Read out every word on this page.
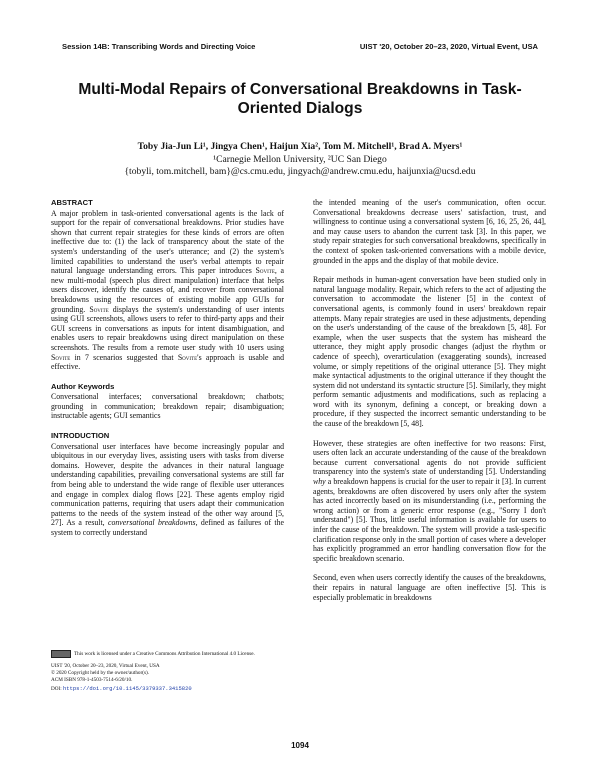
Session 14B: Transcribing Words and Directing Voice	UIST '20, October 20–23, 2020, Virtual Event, USA
Multi-Modal Repairs of Conversational Breakdowns in Task-Oriented Dialogs
Toby Jia-Jun Li¹, Jingya Chen¹, Haijun Xia², Tom M. Mitchell¹, Brad A. Myers¹
¹Carnegie Mellon University, ²UC San Diego
{tobyli, tom.mitchell, bam}@cs.cmu.edu, jingyach@andrew.cmu.edu, haijunxia@ucsd.edu
ABSTRACT

A major problem in task-oriented conversational agents is the lack of support for the repair of conversational breakdowns. Prior studies have shown that current repair strategies for these kinds of errors are often ineffective due to: (1) the lack of transparency about the state of the system's understanding of the user's utterance; and (2) the system's limited capabilities to understand the user's verbal attempts to repair natural language understanding errors. This paper introduces Sovite, a new multi-modal (speech plus direct manipulation) interface that helps users discover, identify the causes of, and recover from conversational breakdowns using the resources of existing mobile app GUIs for grounding. Sovite displays the system's understanding of user intents using GUI screenshots, allows users to refer to third-party apps and their GUI screens in conversations as inputs for intent disambiguation, and enables users to repair breakdowns using direct manipulation on these screenshots. The results from a remote user study with 10 users using Sovite in 7 scenarios suggested that Sovite's approach is usable and effective.

Author Keywords

Conversational interfaces; conversational breakdown; chatbots; grounding in communication; breakdown repair; disambiguation; instructable agents; GUI semantics

INTRODUCTION

Conversational user interfaces have become increasingly popular and ubiquitous in our everyday lives, assisting users with tasks from diverse domains. However, despite the advances in their natural language understanding capabilities, prevailing conversational systems are still far from being able to understand the wide range of flexible user utterances and engage in complex dialog flows [22]. These agents employ rigid communication patterns, requiring that users adapt their communication patterns to the needs of the system instead of the other way around [5, 27]. As a result, conversational breakdowns, defined as failures of the system to correctly understand

the intended meaning of the user's communication, often occur. Conversational breakdowns decrease users' satisfaction, trust, and willingness to continue using a conversational system [6, 16, 25, 26, 44], and may cause users to abandon the current task [3]. In this paper, we study repair strategies for such conversational breakdowns, specifically in the context of spoken task-oriented conversations with a mobile device, grounded in the apps and the display of that mobile device.

Repair methods in human-agent conversation have been studied only in natural language modality. Repair, which refers to the act of adjusting the conversation to accommodate the listener [5] in the context of conversational agents, is commonly found in users' breakdown repair attempts. Many repair strategies are used in these adjustments, depending on the user's understanding of the cause of the breakdown [5, 48]. For example, when the user suspects that the system has misheard the utterance, they might apply prosodic changes (adjust the rhythm or cadence of speech), overarticulation (exaggerating sounds), increased volume, or simply repetitions of the original utterance [5]. They might make syntactical adjustments to the original utterance if they thought the system did not understand its syntactic structure [5]. Similarly, they might perform semantic adjustments and modifications, such as replacing a word with its synonym, defining a concept, or breaking down a procedure, if they suspected the incorrect semantic understanding to be the cause of the breakdown [5, 48].

However, these strategies are often ineffective for two reasons: First, users often lack an accurate understanding of the cause of the breakdown because current conversational agents do not provide sufficient transparency into the system's state of understanding [5]. Understanding why a breakdown happens is crucial for the user to repair it [3]. In current agents, breakdowns are often discovered by users only after the system has acted incorrectly based on its misunderstanding (i.e., performing the wrong action) or from a generic error response (e.g., "Sorry I don't understand") [5]. Thus, little useful information is available for users to infer the cause of the breakdown. The system will provide a task-specific clarification response only in the small portion of cases where a developer has explicitly programmed an error handling conversation flow for the specific breakdown scenario.

Second, even when users correctly identify the causes of the breakdowns, their repairs in natural language are often ineffective [5]. This is especially problematic in breakdowns

This work is licensed under a Creative Commons Attribution International 4.0 License.
UIST '20, October 20–23, 2020, Virtual Event, USA
© 2020 Copyright held by the owner/author(s).
ACM ISBN 978-1-4503-7514-6/20/10.
DOI: https://doi.org/10.1145/3379337.3415820
1094
